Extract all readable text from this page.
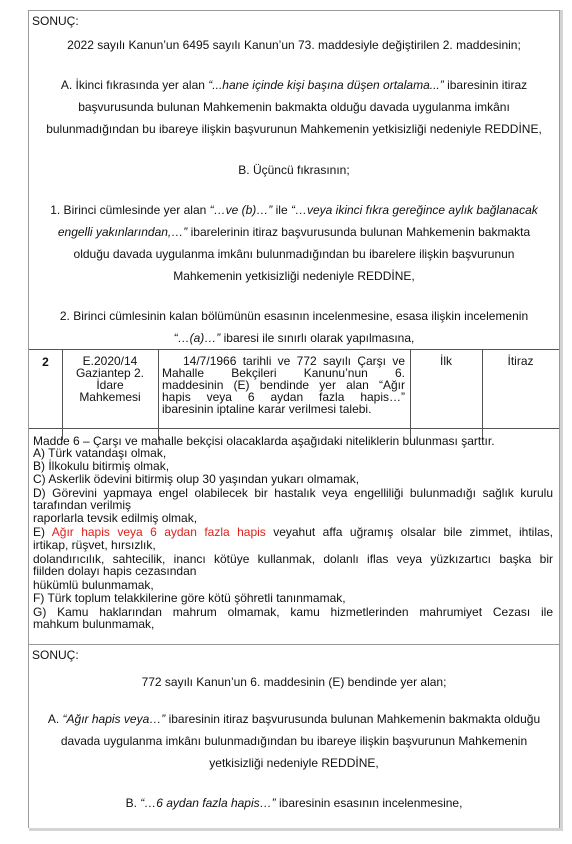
SONUÇ:
2022 sayılı Kanun’un 6495 sayılı Kanun’un 73. maddesiyle değiştirilen 2. maddesinin;
A. İkinci fıkrasında yer alan “...hane içinde kişi başına düşen ortalama...” ibaresinin itiraz
başvurusunda bulunan Mahkemenin bakmakta olduğu davada uygulanma imkânı
bulunmadığından bu ibareye ilişkin başvurunun Mahkemenin yetkisizliği nedeniyle REDDİNE,
B. Üçüncü fıkrasının;
1. Birinci cümlesinde yer alan “…ve (b)…” ile “…veya ikinci fıkra gereğince aylık bağlanacak
engelli yakınlarından,…” ibarelerinin itiraz başvurusunda bulunan Mahkemenin bakmakta
olduğu davada uygulanma imkânı bulunmadığından bu ibarelere ilişkin başvurunun
Mahkemenin yetkisizliği nedeniyle REDDİNE,
2. Birinci cümlesinin kalan bölümünün esasının incelenmesine, esasa ilişkin incelemenin
“…(a)…” ibaresi ile sınırlı olarak yapılmasına,
2	E.2020/14
Gaziantep 2.
İdare
Mahkemesi
14/7/1966 tarihli ve 772 sayılı Çarşı ve
Mahalle Bekçileri Kanunu’nun 6.
maddesinin (E) bendinde yer alan “Ağır
hapis veya 6 aydan fazla hapis…”
ibaresinin iptaline karar verilmesi talebi.
İlk	İtiraz
Madde 6 – Çarşı ve mahalle bekçisi olacaklarda aşağıdaki niteliklerin bulunması şarttır.
A) Türk vatandaşı olmak,
B) İlkokulu bitirmiş olmak,
C) Askerlik ödevini bitirmiş olup 30 yaşından yukarı olmamak,
D) Görevini yapmaya engel olabilecek bir hastalık veya engelliliği bulunmadığı sağlık kurulu
tarafından verilmiş
raporlarla tevsik edilmiş olmak,
E) Ağır hapis veya 6 aydan fazla hapis veyahut affa uğramış olsalar bile zimmet, ihtilas,
irtikap, rüşvet, hırsızlık,
dolandırıcılık, sahtecilik, inancı kötüye kullanmak, dolanlı iflas veya yüzkızartıcı başka bir
fiilden dolayı hapis cezasından
hükümlü bulunmamak,
F) Türk toplum telakkilerine göre kötü şöhretli tanınmamak,
G) Kamu haklarından mahrum olmamak, kamu hizmetlerinden mahrumiyet Cezası ile
mahkum bulunmamak,
SONUÇ:
772 sayılı Kanun’un 6. maddesinin (E) bendinde yer alan;
A. “Ağır hapis veya…” ibaresinin itiraz başvurusunda bulunan Mahkemenin bakmakta olduğu
davada uygulanma imkânı bulunmadığından bu ibareye ilişkin başvurunun Mahkemenin
yetkisizliği nedeniyle REDDİNE,
B. “…6 aydan fazla hapis…” ibaresinin esasının incelenmesine,
